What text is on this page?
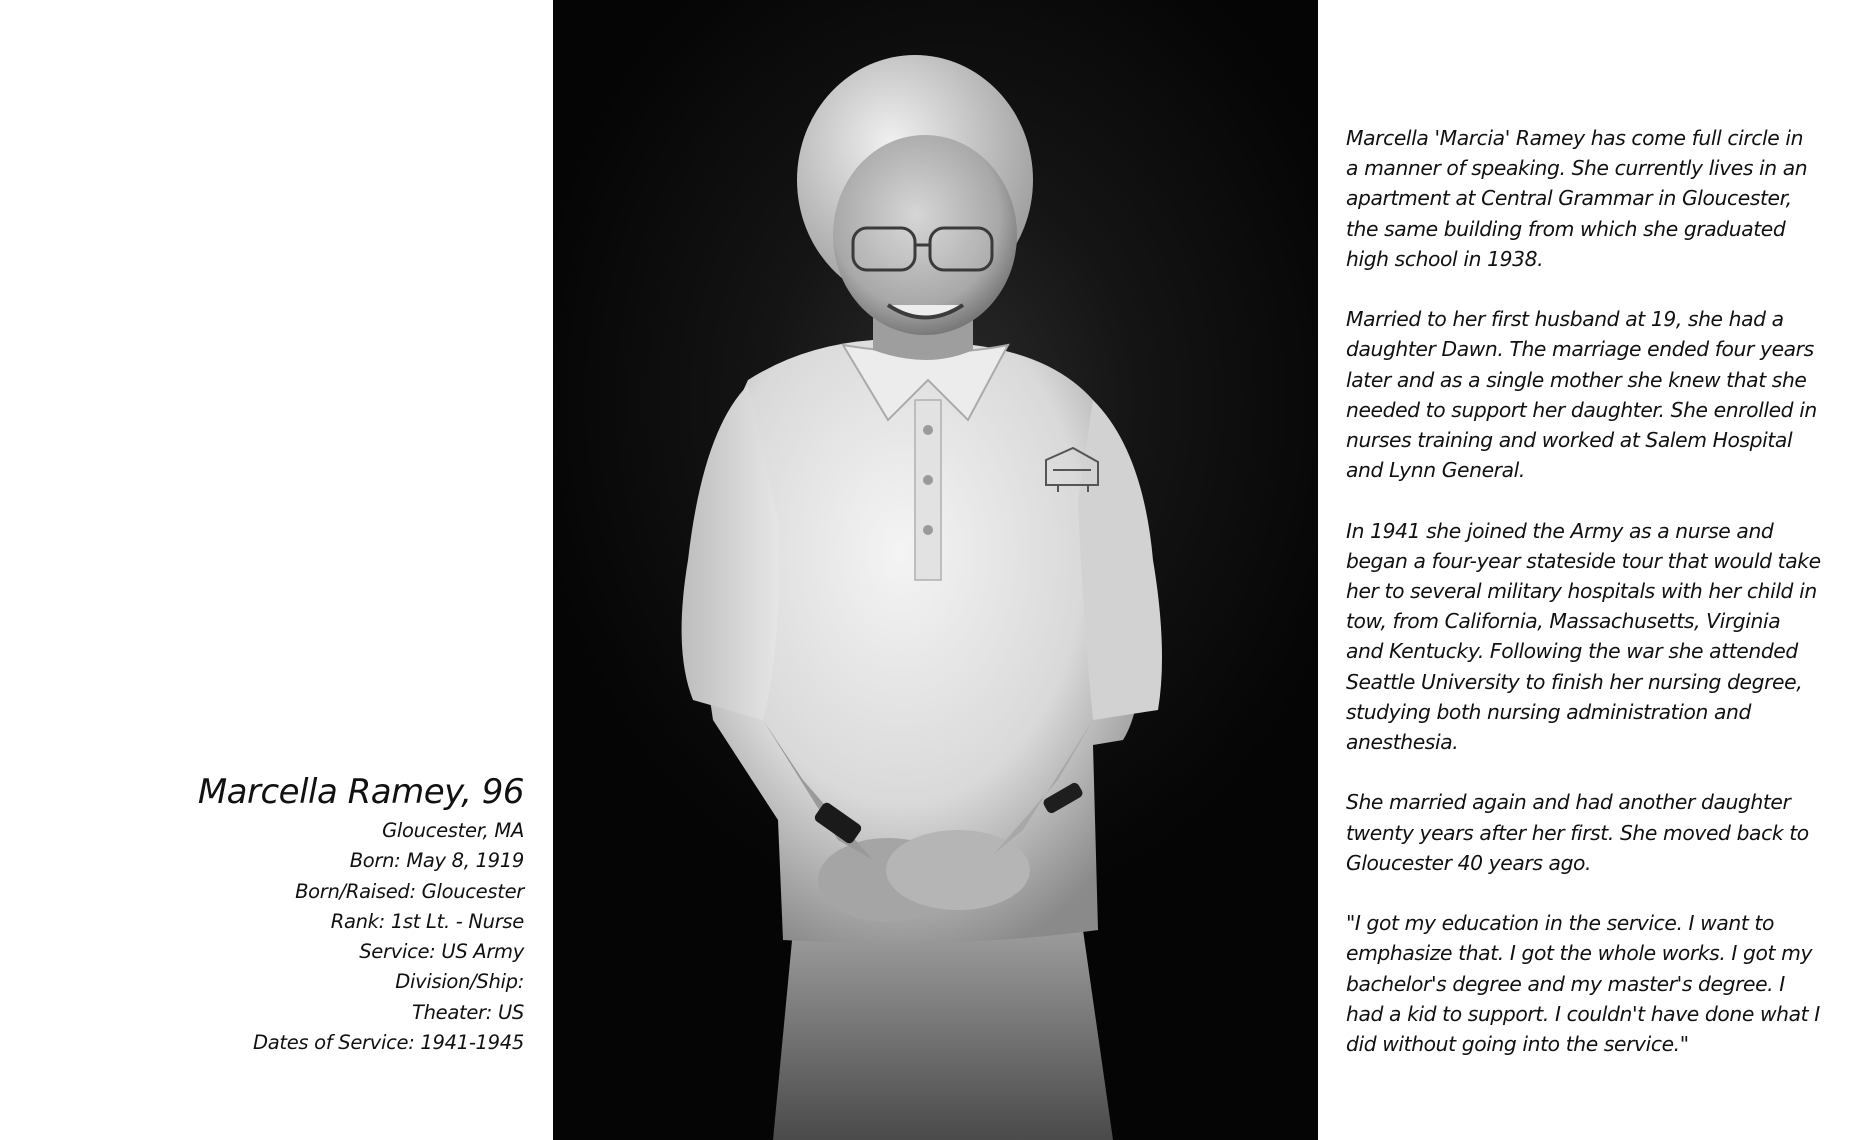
Marcella Ramey, 96
Gloucester, MA
Born: May 8, 1919
Born/Raised: Gloucester
Rank: 1st Lt. - Nurse
Service: US Army
Division/Ship:
Theater: US
Dates of Service: 1941-1945

Marcella 'Marcia' Ramey has come full circle in a manner of speaking. She currently lives in an apartment at Central Grammar in Gloucester, the same building from which she graduated high school in 1938.

Married to her first husband at 19, she had a daughter Dawn. The marriage ended four years later and as a single mother she knew that she needed to support her daughter. She enrolled in nurses training and worked at Salem Hospital and Lynn General.

In 1941 she joined the Army as a nurse and began a four-year stateside tour that would take her to several military hospitals with her child in tow, from California, Massachusetts, Virginia and Kentucky. Following the war she attended Seattle University to finish her nursing degree, studying both nursing administration and anesthesia.

She married again and had another daughter twenty years after her first. She moved back to Gloucester 40 years ago.

"I got my education in the service. I want to emphasize that. I got the whole works. I got my bachelor's degree and my master's degree. I had a kid to support. I couldn't have done what I did without going into the service."
